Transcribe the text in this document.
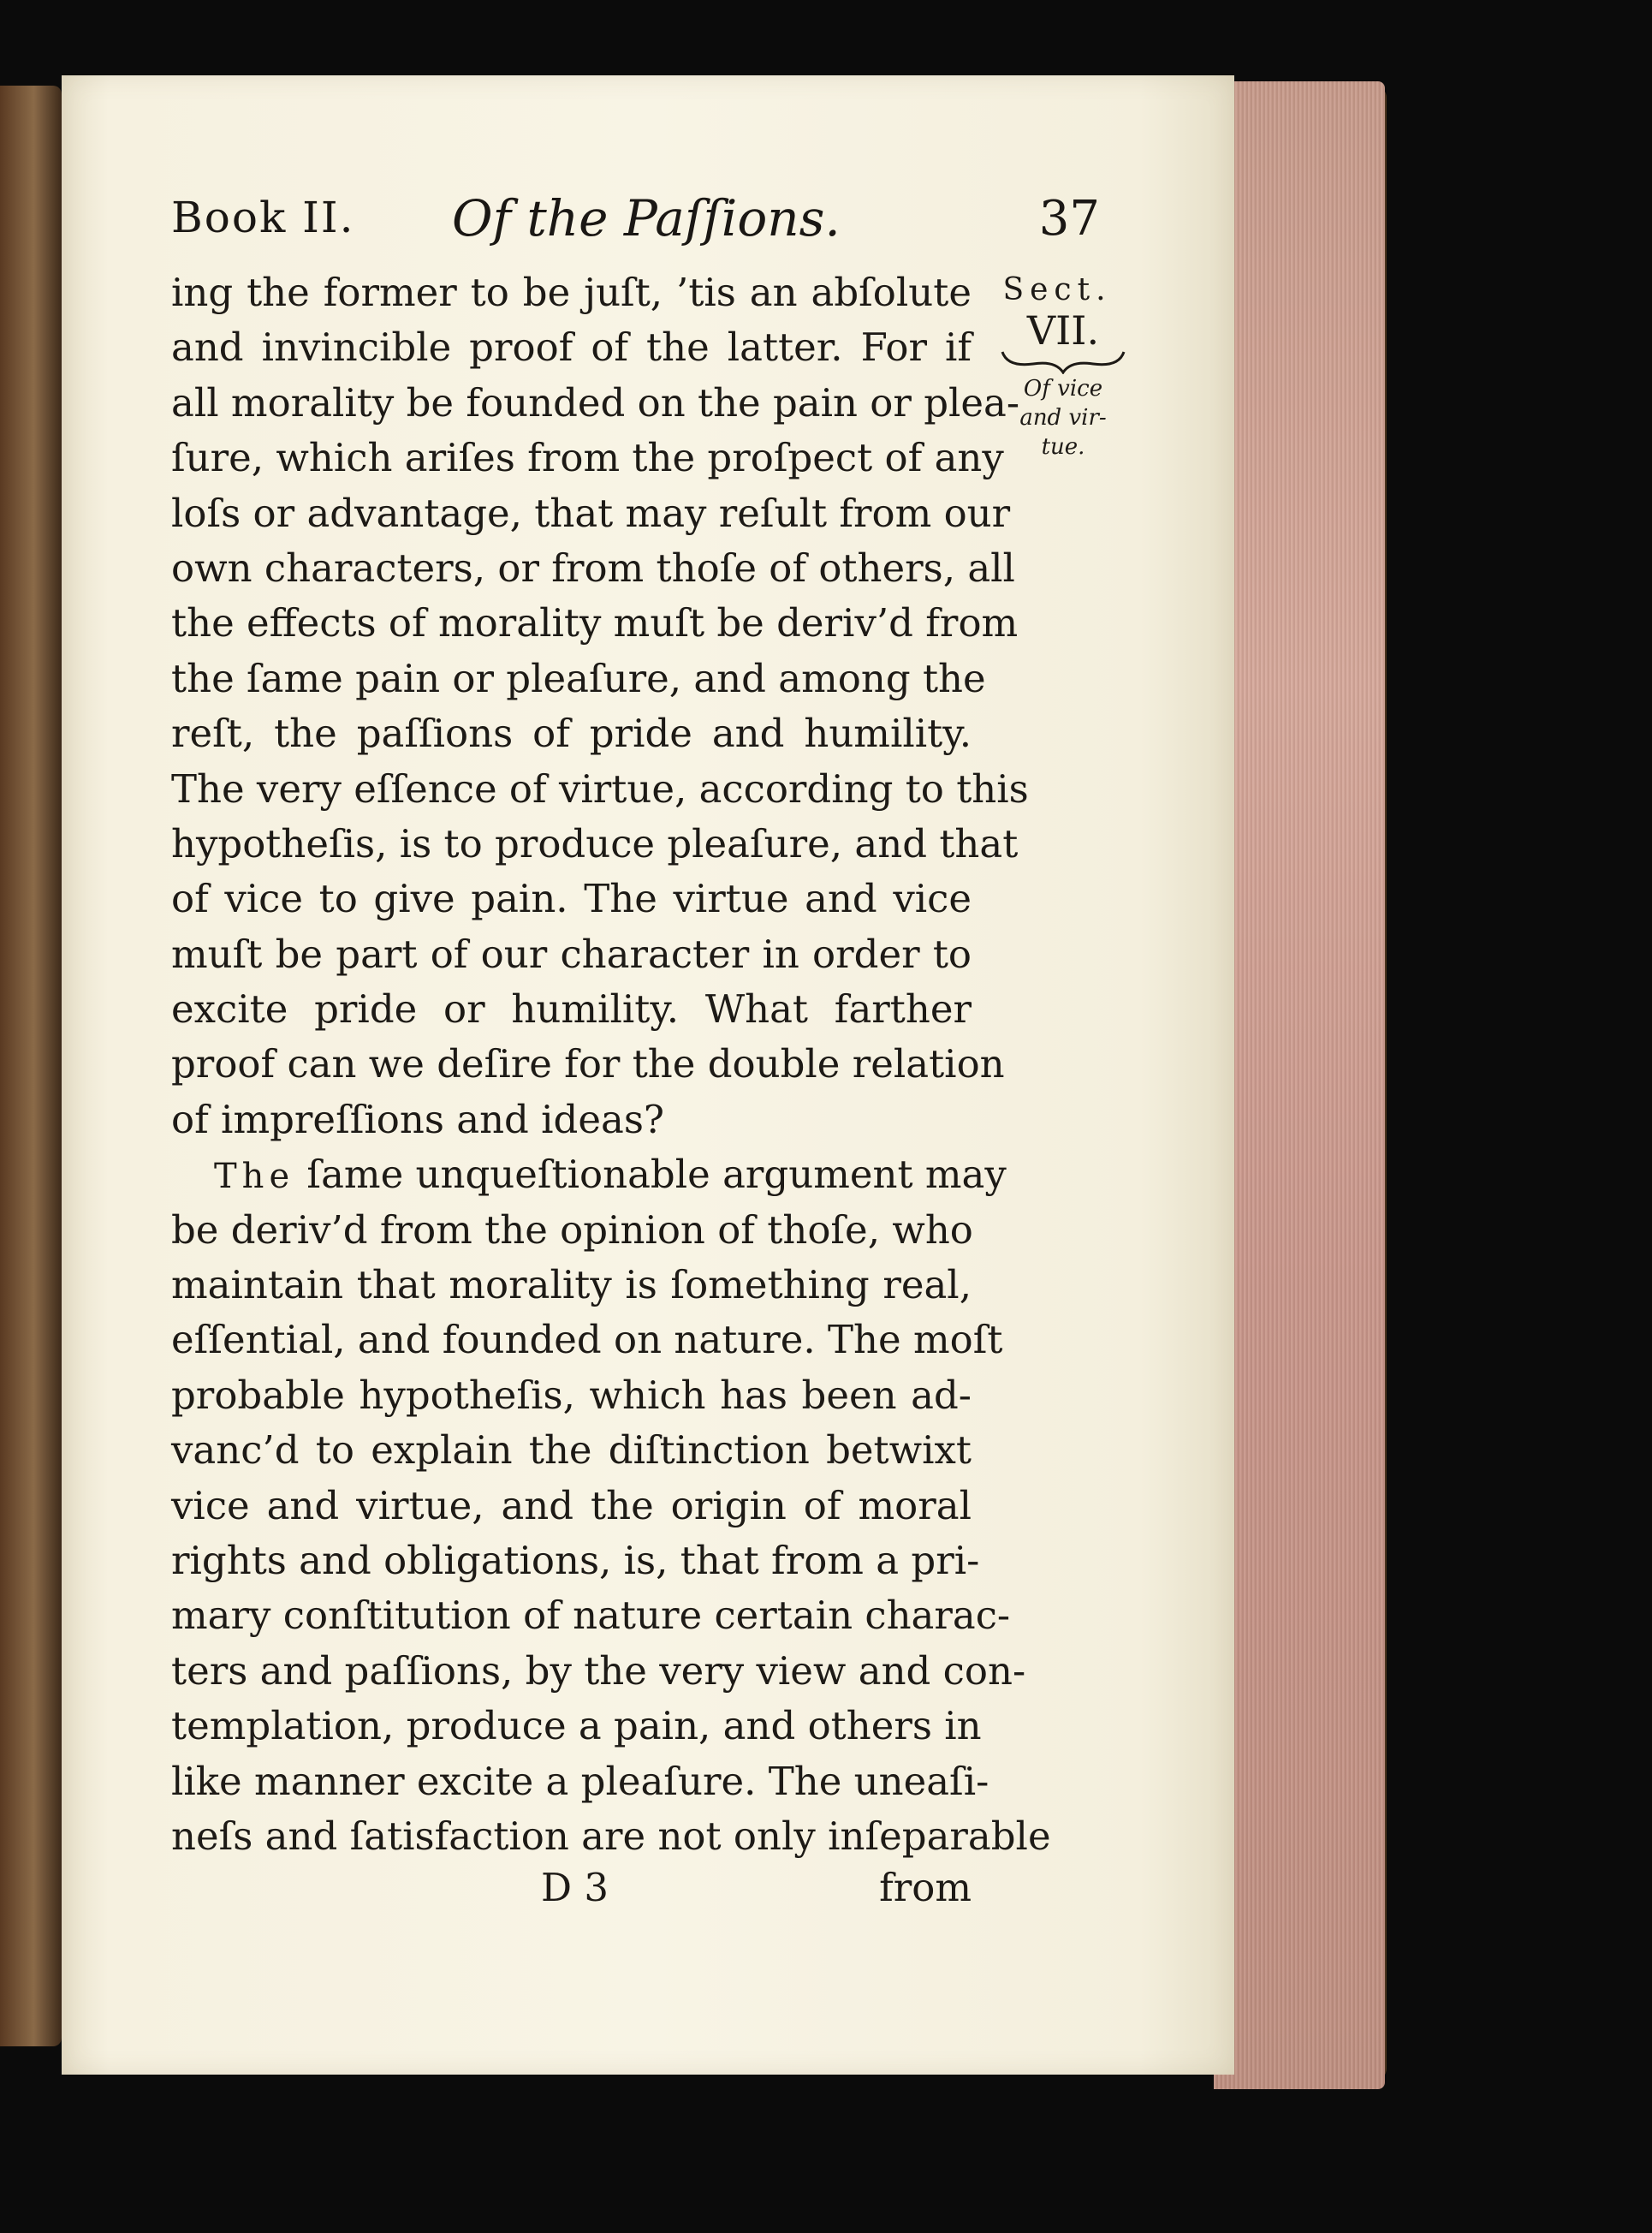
Book II. Of the Paſſions.	37
Sect.
VII.
Of vice
and vir-
tue.
ing the former to be juſt, ’tis an abſolute
and invincible proof of the latter. For if
all morality be founded on the pain or plea-
ſure, which ariſes from the proſpect of any
loſs or advantage, that may reſult from our
own characters, or from thoſe of others, all
the effects of morality muſt be deriv’d from
the ſame pain or pleaſure, and among the
reſt, the paſſions of pride and humility.
The very eſſence of virtue, according to this
hypotheſis, is to produce pleaſure, and that
of vice to give pain. The virtue and vice
muſt be part of our character in order to
excite pride or humility. What farther
proof can we deſire for the double relation
of impreſſions and ideas?
The ſame unqueſtionable argument may
be deriv’d from the opinion of thoſe, who
maintain that morality is ſomething real,
eſſential, and founded on nature. The moſt
probable hypotheſis, which has been ad-
vanc’d to explain the diſtinction betwixt
vice and virtue, and the origin of moral
rights and obligations, is, that from a pri-
mary conſtitution of nature certain charac-
ters and paſſions, by the very view and con-
templation, produce a pain, and others in
like manner excite a pleaſure. The uneaſi-
neſs and ſatisfaction are not only inſeparable
D 3	from
